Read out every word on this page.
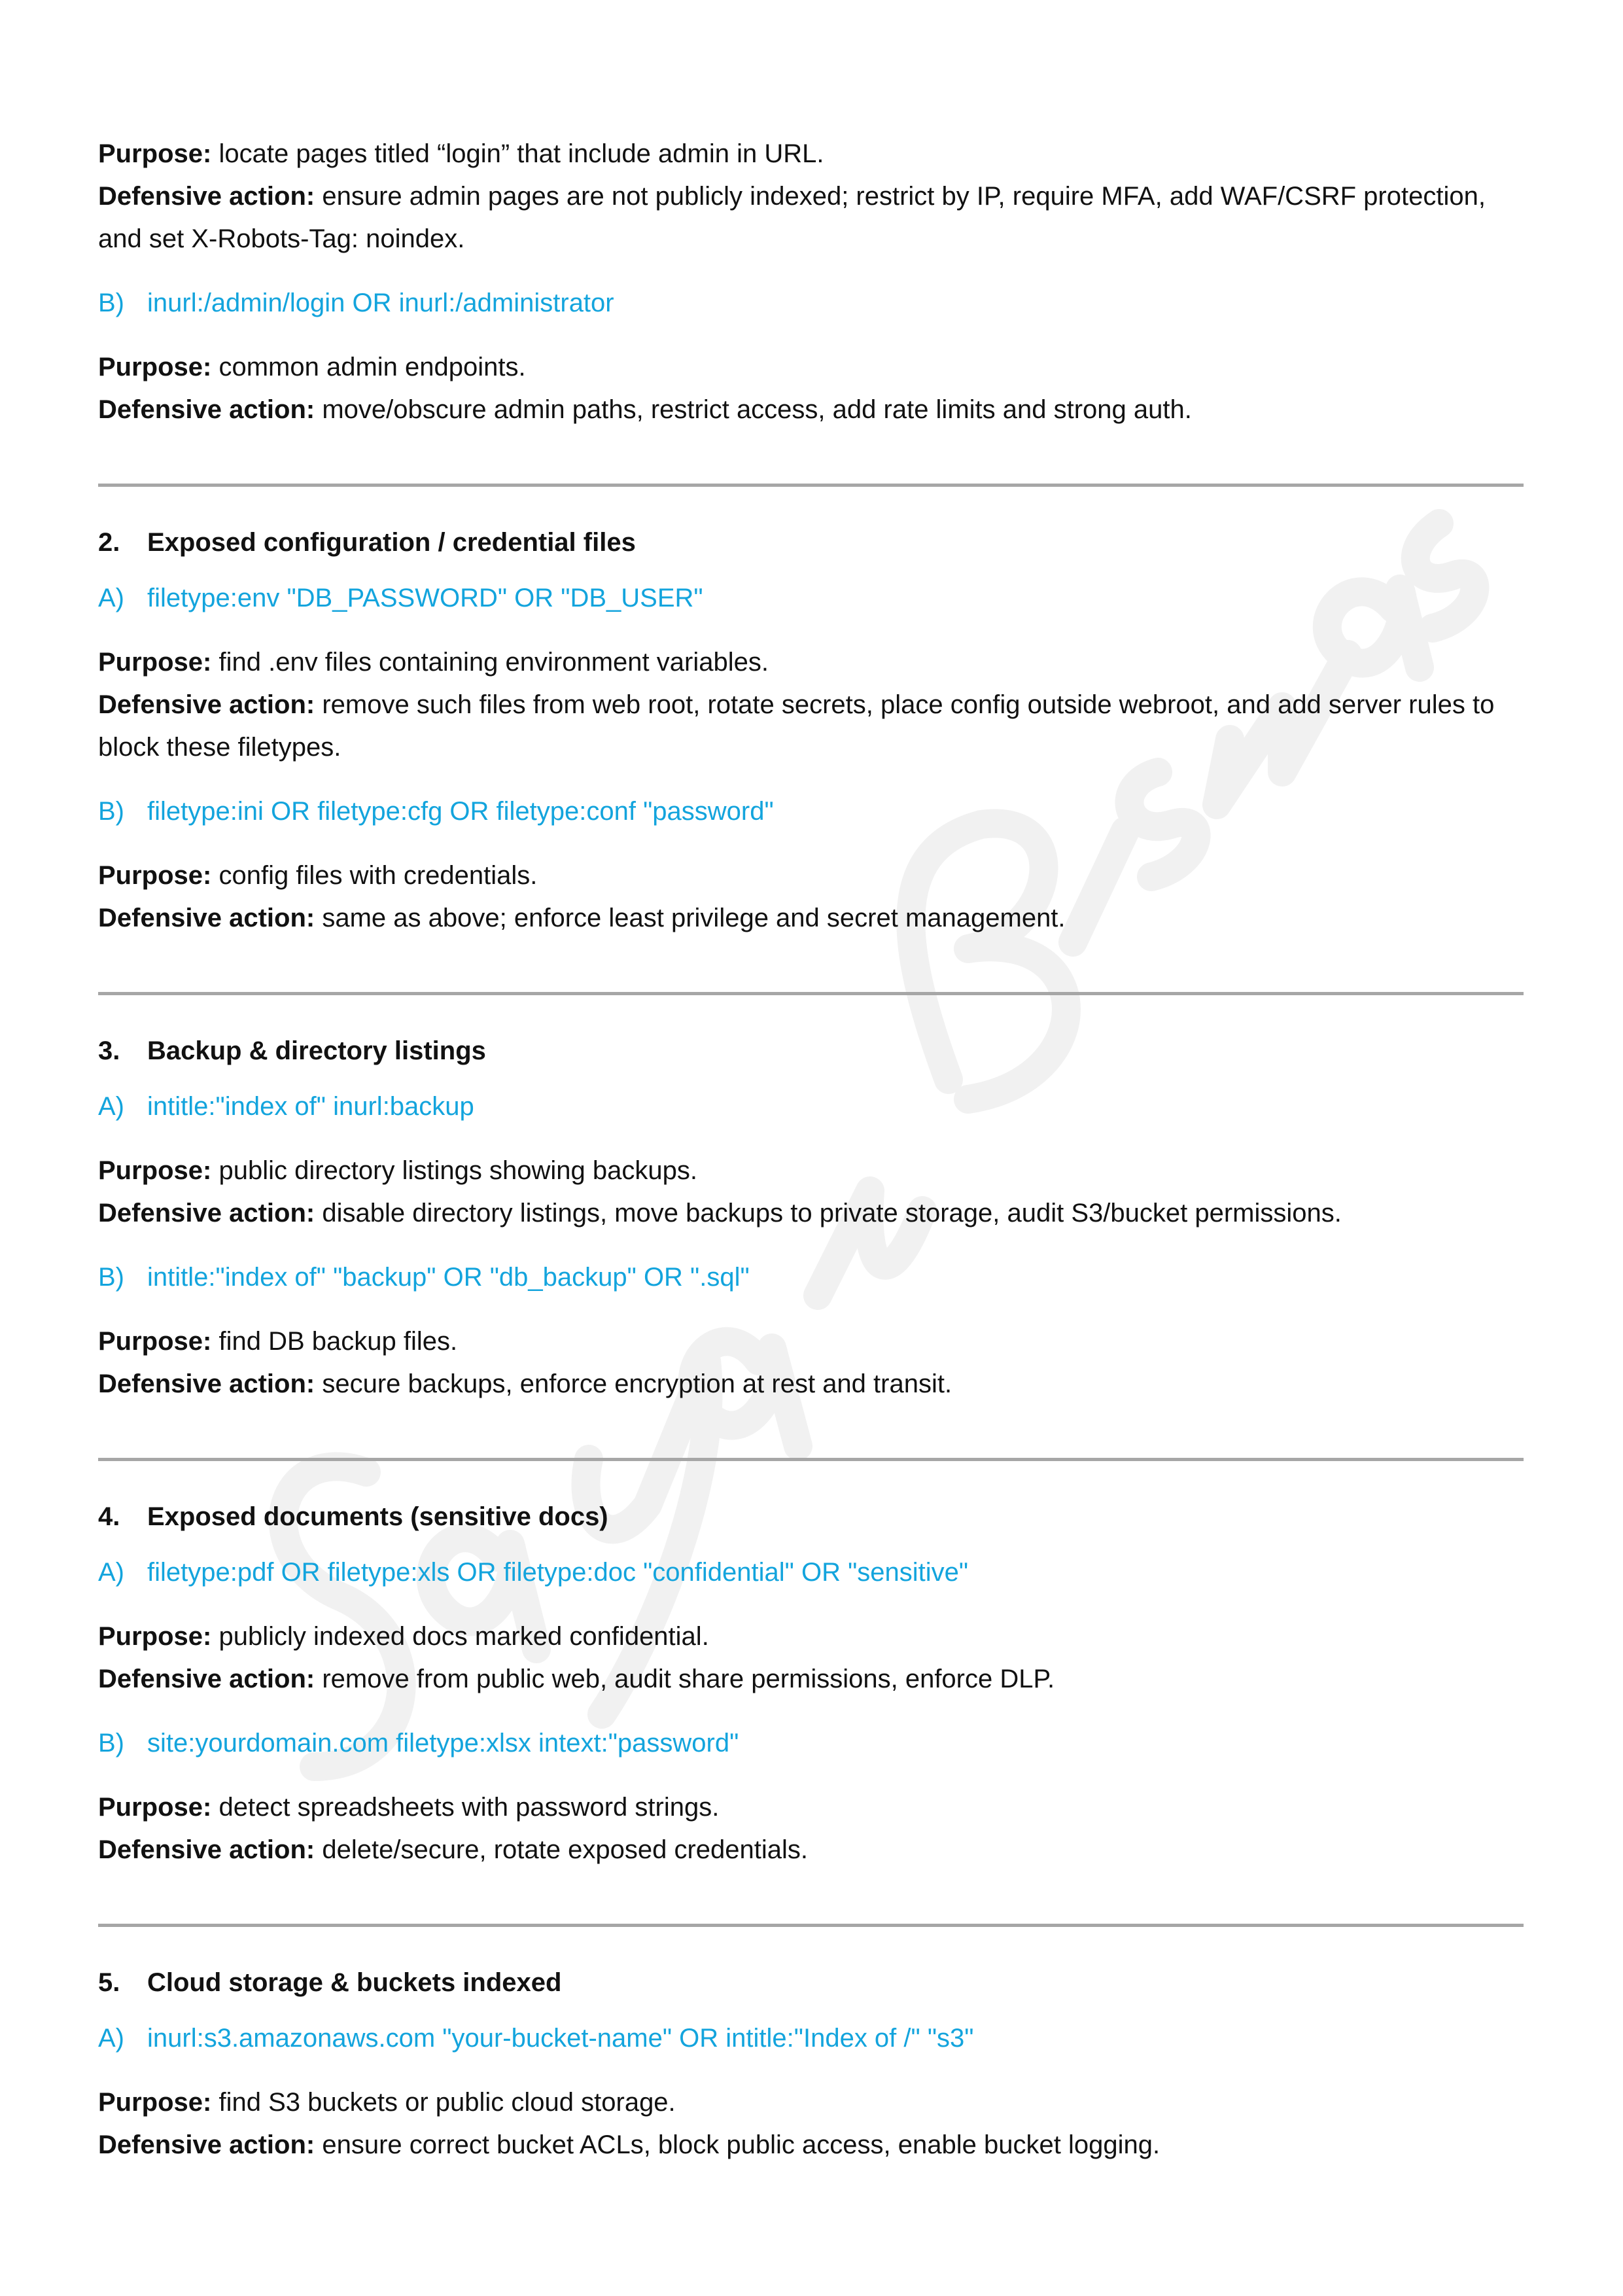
Purpose: locate pages titled “login” that include admin in URL.

Defensive action: ensure admin pages are not publicly indexed; restrict by IP, require MFA, add WAF/CSRF protection, and set X-Robots-Tag: noindex.

B) inurl:/admin/login OR inurl:/administrator

Purpose: common admin endpoints.

Defensive action: move/obscure admin paths, restrict access, add rate limits and strong auth.

2. Exposed configuration / credential files

A) filetype:env "DB_PASSWORD" OR "DB_USER"

Purpose: find .env files containing environment variables.

Defensive action: remove such files from web root, rotate secrets, place config outside webroot, and add server rules to block these filetypes.

B) filetype:ini OR filetype:cfg OR filetype:conf "password"

Purpose: config files with credentials.

Defensive action: same as above; enforce least privilege and secret management.

3. Backup & directory listings

A) intitle:"index of" inurl:backup

Purpose: public directory listings showing backups.

Defensive action: disable directory listings, move backups to private storage, audit S3/bucket permissions.

B) intitle:"index of" "backup" OR "db_backup" OR ".sql"

Purpose: find DB backup files.

Defensive action: secure backups, enforce encryption at rest and transit.

4. Exposed documents (sensitive docs)

A) filetype:pdf OR filetype:xls OR filetype:doc "confidential" OR "sensitive"

Purpose: publicly indexed docs marked confidential.

Defensive action: remove from public web, audit share permissions, enforce DLP.

B) site:yourdomain.com filetype:xlsx intext:"password"

Purpose: detect spreadsheets with password strings.

Defensive action: delete/secure, rotate exposed credentials.

5. Cloud storage & buckets indexed

A) inurl:s3.amazonaws.com "your-bucket-name" OR intitle:"Index of /" "s3"

Purpose: find S3 buckets or public cloud storage.

Defensive action: ensure correct bucket ACLs, block public access, enable bucket logging.
